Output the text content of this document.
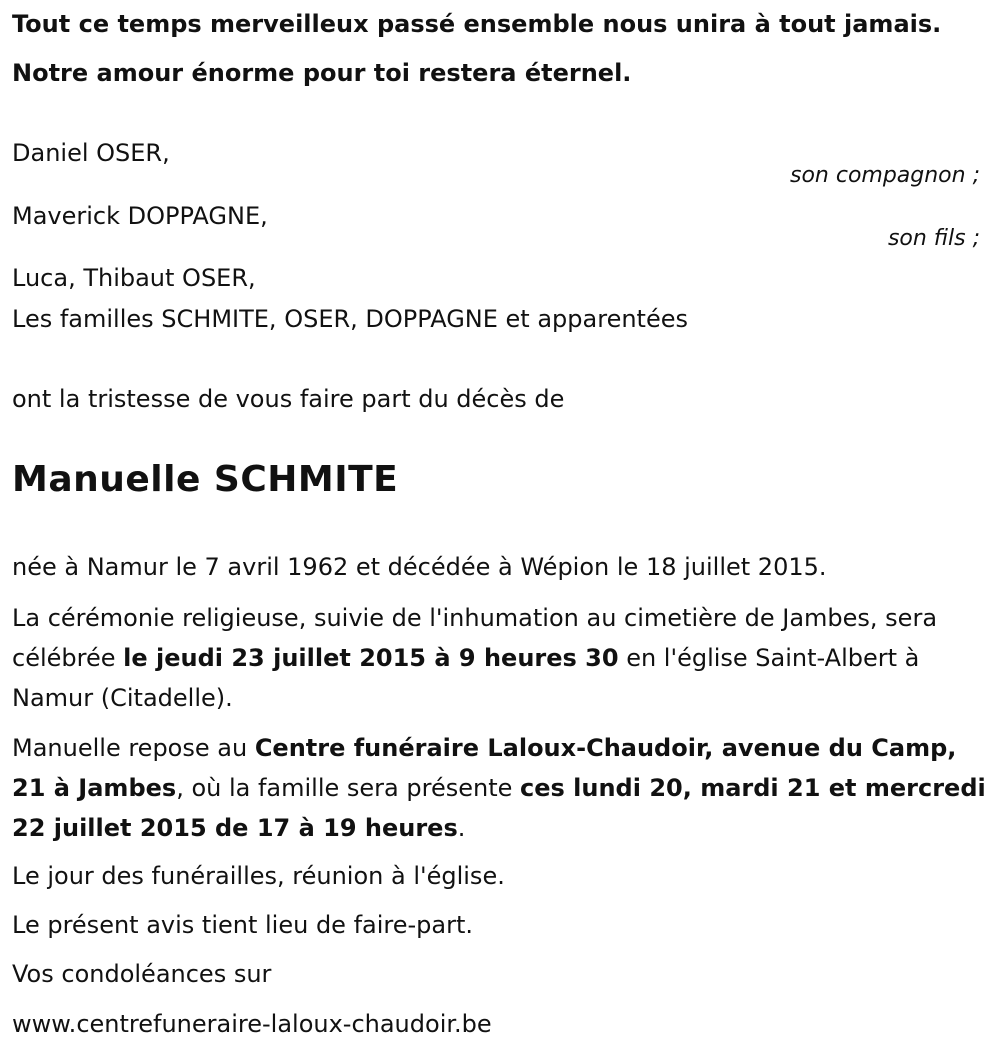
Tout ce temps merveilleux passé ensemble nous unira à tout jamais.
Notre amour énorme pour toi restera éternel.
Daniel OSER,
son compagnon ;
Maverick DOPPAGNE,
son fils ;
Luca, Thibaut OSER,
Les familles SCHMITE, OSER, DOPPAGNE et apparentées
ont la tristesse de vous faire part du décès de
Manuelle SCHMITE
née à Namur le 7 avril 1962 et décédée à Wépion le 18 juillet 2015.
La cérémonie religieuse, suivie de l'inhumation au cimetière de Jambes, sera célébrée le jeudi 23 juillet 2015 à 9 heures 30 en l'église Saint-Albert à Namur (Citadelle).
Manuelle repose au Centre funéraire Laloux-Chaudoir, avenue du Camp, 21 à Jambes, où la famille sera présente ces lundi 20, mardi 21 et mercredi 22 juillet 2015 de 17 à 19 heures.
Le jour des funérailles, réunion à l'église.
Le présent avis tient lieu de faire-part.
Vos condoléances sur
www.centrefuneraire-laloux-chaudoir.be
